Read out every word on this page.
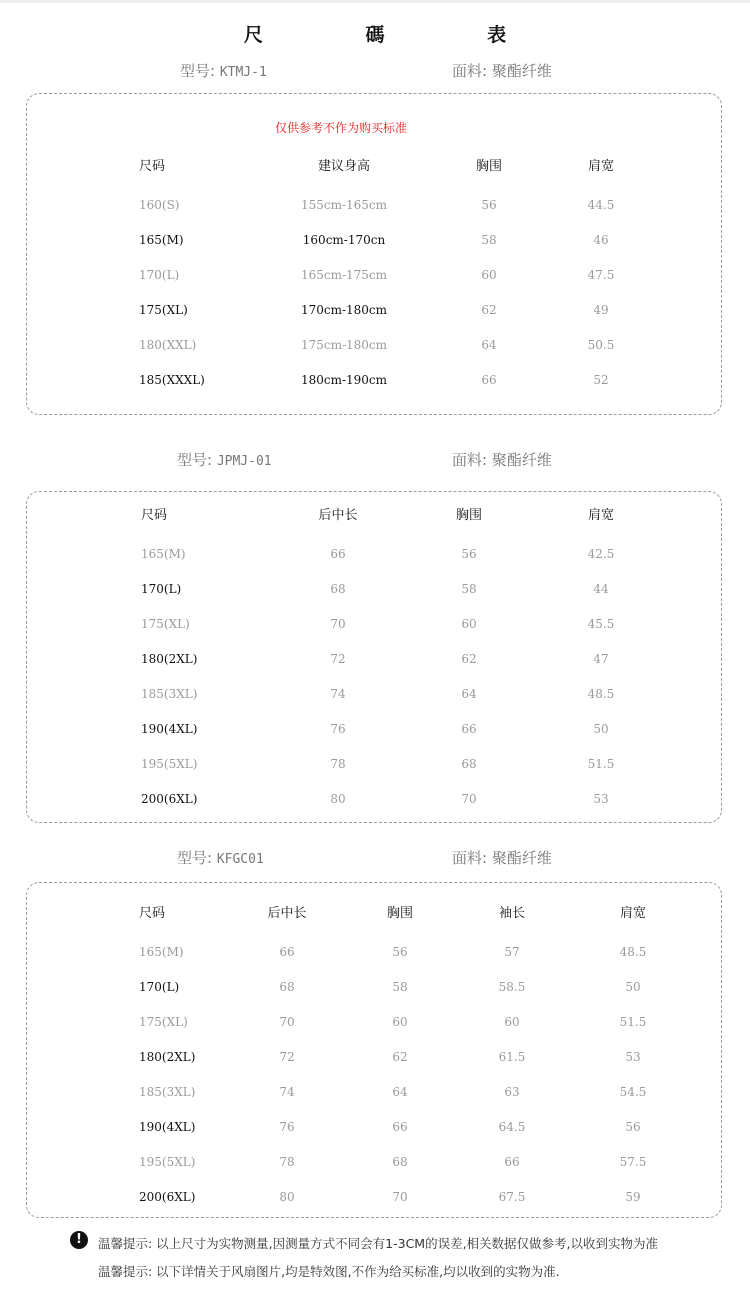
尺 碼 表
型号: KTMJ-1	面料: 聚酯纤维
仅供参考不作为购买标准
尺码	建议身高	胸围	肩宽
160(S)	155cm-165cm	56	44.5
165(M)	160cm-170cn	58	46
170(L)	165cm-175cm	60	47.5
175(XL)	170cm-180cm	62	49
180(XXL)	175cm-180cm	64	50.5
185(XXXL)	180cm-190cm	66	52
型号: JPMJ-01	面料: 聚酯纤维
尺码	后中长	胸围	肩宽
165(M)	66	56	42.5
170(L)	68	58	44
175(XL)	70	60	45.5
180(2XL)	72	62	47
185(3XL)	74	64	48.5
190(4XL)	76	66	50
195(5XL)	78	68	51.5
200(6XL)	80	70	53
型号: KFGC01	面料: 聚酯纤维
尺码	后中长	胸围	袖长	肩宽
165(M)	66	56	57	48.5
170(L)	68	58	58.5	50
175(XL)	70	60	60	51.5
180(2XL)	72	62	61.5	53
185(3XL)	74	64	63	54.5
190(4XL)	76	66	64.5	56
195(5XL)	78	68	66	57.5
200(6XL)	80	70	67.5	59
!	温馨提示: 以上尺寸为实物测量,因测量方式不同会有1-3CM的误差,相关数据仅做参考,以收到实物为准
温馨提示: 以下详情关于风扇图片,均是特效图,不作为给买标准,均以收到的实物为准.
